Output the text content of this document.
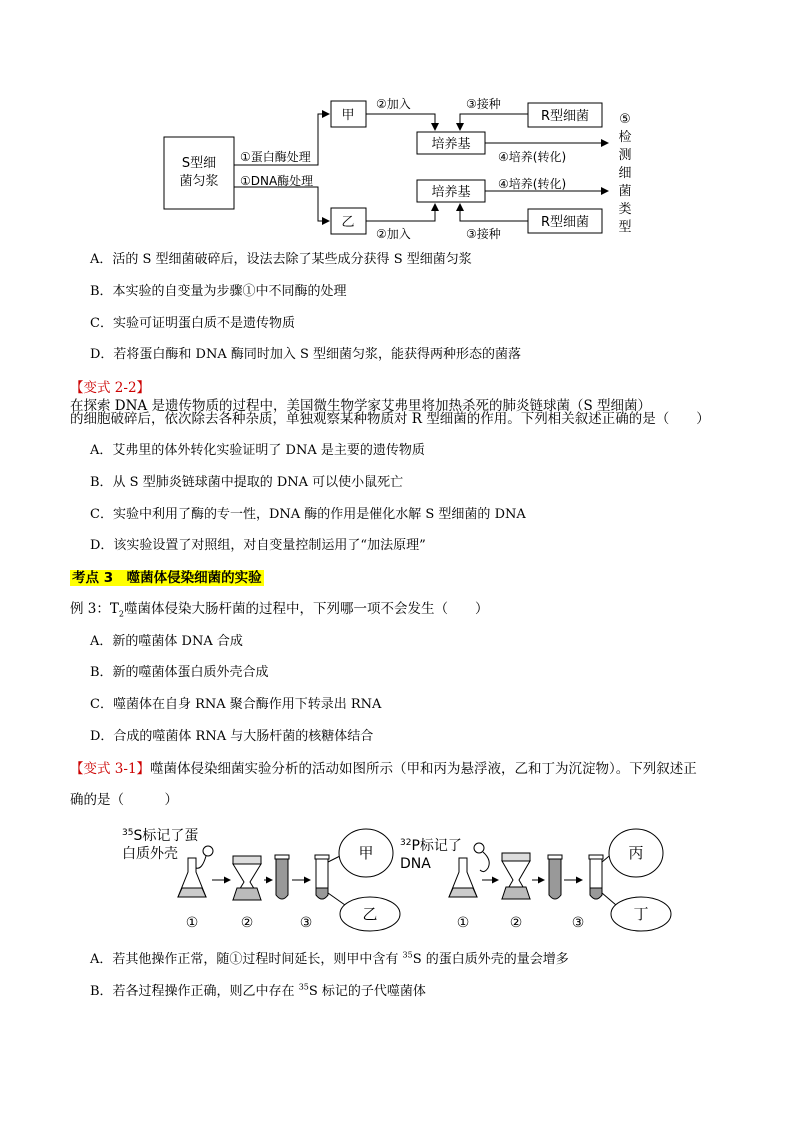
S型细
菌匀浆
甲
乙
培养基
培养基
R型细菌
R型细菌
①蛋白酶处理
①DNA酶处理
②加入	③接种
②加入	③接种
④培养(转化)
④培养(转化)
⑤
检
测
细
菌
类
型
A．活的 S 型细菌破碎后，设法去除了某些成分获得 S 型细菌匀浆
B．本实验的自变量为步骤①中不同酶的处理
C．实验可证明蛋白质不是遗传物质
D．若将蛋白酶和 DNA 酶同时加入 S 型细菌匀浆，能获得两种形态的菌落
【变式 2-2】在探索 DNA 是遗传物质的过程中，美国微生物学家艾弗里将加热杀死的肺炎链球菌（S 型细菌）
的细胞破碎后，依次除去各种杂质，单独观察某种物质对 R 型细菌的作用。下列相关叙述正确的是（　　）
A．艾弗里的体外转化实验证明了 DNA 是主要的遗传物质
B．从 S 型肺炎链球菌中提取的 DNA 可以使小鼠死亡
C．实验中利用了酶的专一性，DNA 酶的作用是催化水解 S 型细菌的 DNA
D．该实验设置了对照组，对自变量控制运用了“加法原理”
考点 3　噬菌体侵染细菌的实验
例 3：$T_2$噬菌体侵染大肠杆菌的过程中，下列哪一项不会发生（　　）
A．新的噬菌体 DNA 合成
B．新的噬菌体蛋白质外壳合成
C．噬菌体在自身 RNA 聚合酶作用下转录出 RNA
D．合成的噬菌体 RNA 与大肠杆菌的核糖体结合
【变式 3-1】噬菌体侵染细菌实验分析的活动如图所示（甲和丙为悬浮液，乙和丁为沉淀物）。下列叙述正
确的是（　　　）
$^{35}$S标记了蛋
白质外壳
$^{32}$P标记了
DNA
甲
乙
①	②	③
丙
丁
①	②	③
A．若其他操作正常，随①过程时间延长，则甲中含有 $^{35}$S 的蛋白质外壳的量会增多
B．若各过程操作正确，则乙中存在 $^{35}$S 标记的子代噬菌体
